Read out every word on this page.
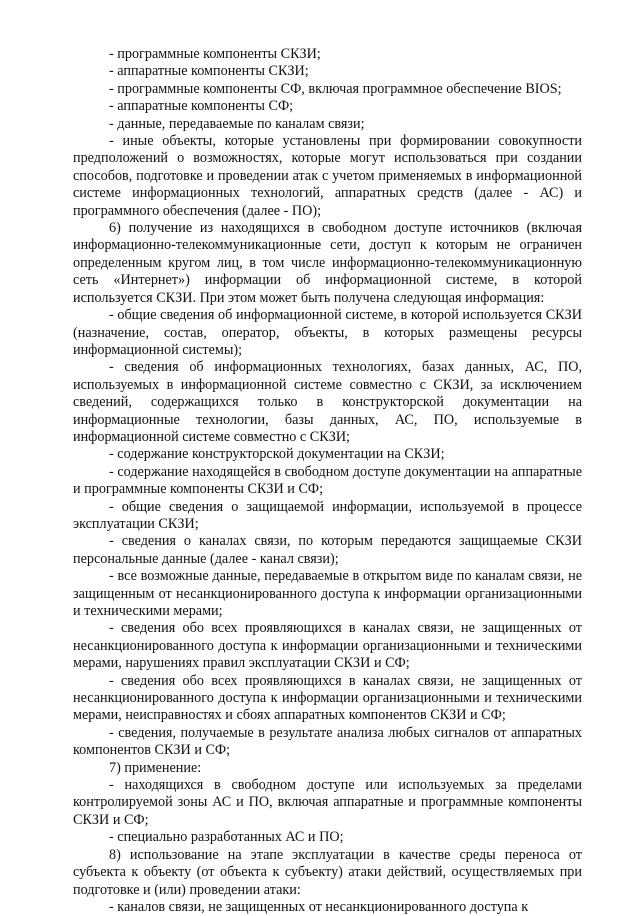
- программные компоненты СКЗИ;

- аппаратные компоненты СКЗИ;

- программные компоненты СФ, включая программное обеспечение BIOS;

- аппаратные компоненты СФ;

- данные, передаваемые по каналам связи;

- иные объекты, которые установлены при формировании совокупности предположений о возможностях, которые могут использоваться при создании способов, подготовке и проведении атак с учетом применяемых в информационной системе информационных технологий, аппаратных средств (далее - АС) и программного обеспечения (далее - ПО);

6) получение из находящихся в свободном доступе источников (включая информационно-телекоммуникационные сети, доступ к которым не ограничен определенным кругом лиц, в том числе информационно-телекоммуникационную сеть «Интернет») информации об информационной системе, в которой используется СКЗИ. При этом может быть получена следующая информация:

- общие сведения об информационной системе, в которой используется СКЗИ (назначение, состав, оператор, объекты, в которых размещены ресурсы информационной системы);

- сведения об информационных технологиях, базах данных, АС, ПО, используемых в информационной системе совместно с СКЗИ, за исключением сведений, содержащихся только в конструкторской документации на информационные технологии, базы данных, АС, ПО, используемые в информационной системе совместно с СКЗИ;

- содержание конструкторской документации на СКЗИ;

- содержание находящейся в свободном доступе документации на аппаратные и программные компоненты СКЗИ и СФ;

- общие сведения о защищаемой информации, используемой в процессе эксплуатации СКЗИ;

- сведения о каналах связи, по которым передаются защищаемые СКЗИ персональные данные (далее - канал связи);

- все возможные данные, передаваемые в открытом виде по каналам связи, не защищенным от несанкционированного доступа к информации организационными и техническими мерами;

- сведения обо всех проявляющихся в каналах связи, не защищенных от несанкционированного доступа к информации организационными и техническими мерами, нарушениях правил эксплуатации СКЗИ и СФ;

- сведения обо всех проявляющихся в каналах связи, не защищенных от несанкционированного доступа к информации организационными и техническими мерами, неисправностях и сбоях аппаратных компонентов СКЗИ и СФ;

- сведения, получаемые в результате анализа любых сигналов от аппаратных компонентов СКЗИ и СФ;

7) применение:

- находящихся в свободном доступе или используемых за пределами контролируемой зоны АС и ПО, включая аппаратные и программные компоненты СКЗИ и СФ;

- специально разработанных АС и ПО;

8) использование на этапе эксплуатации в качестве среды переноса от субъекта к объекту (от объекта к субъекту) атаки действий, осуществляемых при подготовке и (или) проведении атаки:

- каналов связи, не защищенных от несанкционированного доступа к
